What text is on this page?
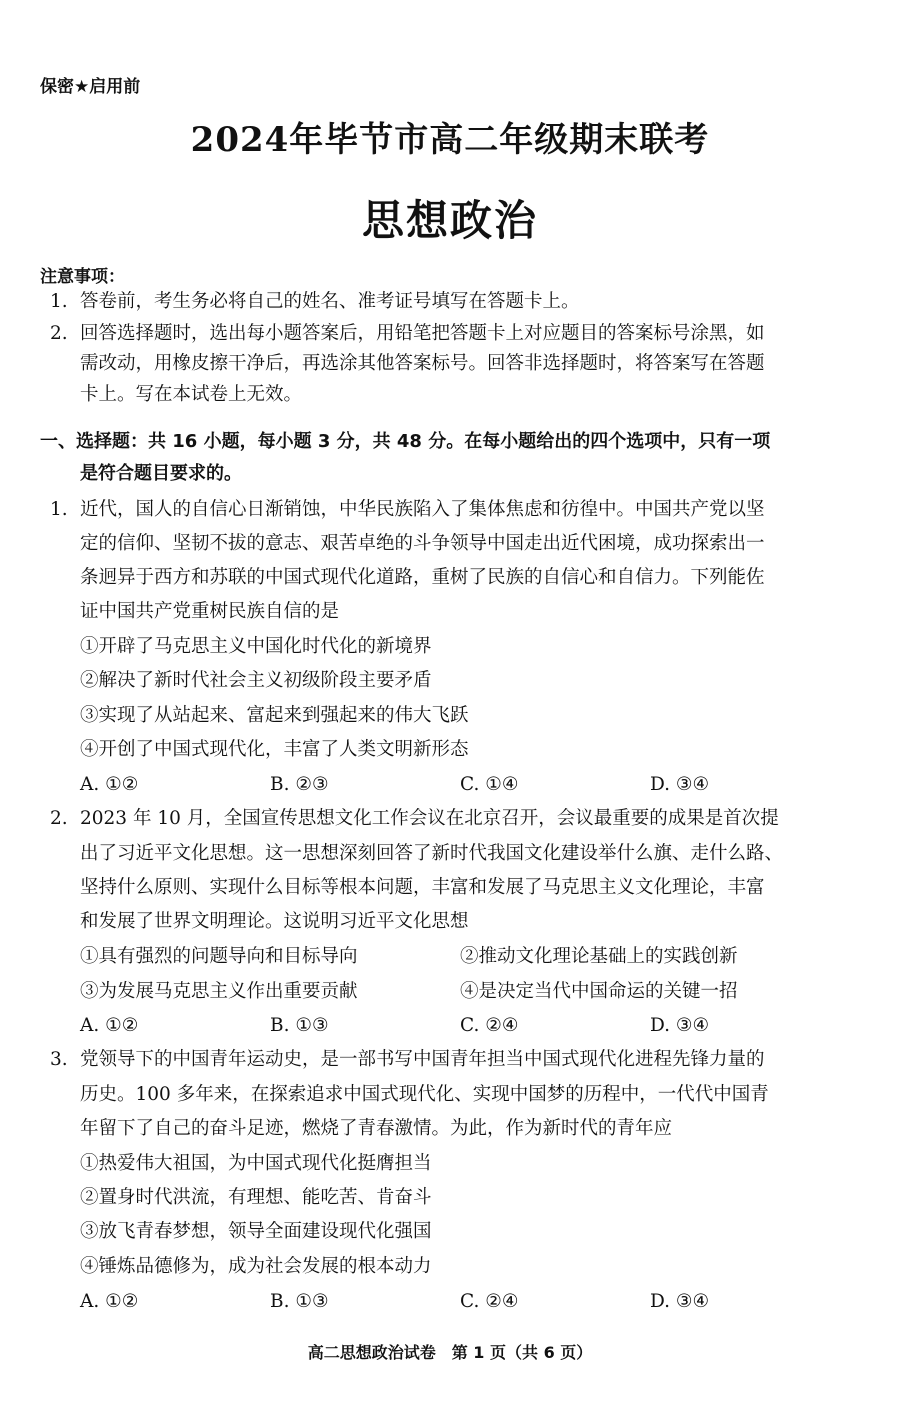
保密★启用前
2024年毕节市高二年级期末联考
思想政治
注意事项：
1. 答卷前，考生务必将自己的姓名、准考证号填写在答题卡上。
2. 回答选择题时，选出每小题答案后，用铅笔把答题卡上对应题目的答案标号涂黑，如
需改动，用橡皮擦干净后，再选涂其他答案标号。回答非选择题时，将答案写在答题
卡上。写在本试卷上无效。
一、选择题：共 16 小题，每小题 3 分，共 48 分。在每小题给出的四个选项中，只有一项
是符合题目要求的。
1. 近代，国人的自信心日渐销蚀，中华民族陷入了集体焦虑和彷徨中。中国共产党以坚
定的信仰、坚韧不拔的意志、艰苦卓绝的斗争领导中国走出近代困境，成功探索出一
条迥异于西方和苏联的中国式现代化道路，重树了民族的自信心和自信力。下列能佐
证中国共产党重树民族自信的是
①开辟了马克思主义中国化时代化的新境界
②解决了新时代社会主义初级阶段主要矛盾
③实现了从站起来、富起来到强起来的伟大飞跃
④开创了中国式现代化，丰富了人类文明新形态
A. ①②	B. ②③	C. ①④	D. ③④
2. 2023 年 10 月，全国宣传思想文化工作会议在北京召开，会议最重要的成果是首次提
出了习近平文化思想。这一思想深刻回答了新时代我国文化建设举什么旗、走什么路、
坚持什么原则、实现什么目标等根本问题，丰富和发展了马克思主义文化理论，丰富
和发展了世界文明理论。这说明习近平文化思想
①具有强烈的问题导向和目标导向	②推动文化理论基础上的实践创新
③为发展马克思主义作出重要贡献	④是决定当代中国命运的关键一招
A. ①②	B. ①③	C. ②④	D. ③④
3. 党领导下的中国青年运动史，是一部书写中国青年担当中国式现代化进程先锋力量的
历史。100 多年来，在探索追求中国式现代化、实现中国梦的历程中，一代代中国青
年留下了自己的奋斗足迹，燃烧了青春激情。为此，作为新时代的青年应
①热爱伟大祖国，为中国式现代化挺膺担当
②置身时代洪流，有理想、能吃苦、肯奋斗
③放飞青春梦想，领导全面建设现代化强国
④锤炼品德修为，成为社会发展的根本动力
A. ①②	B. ①③	C. ②④	D. ③④
高二思想政治试卷　第 1 页（共 6 页）
